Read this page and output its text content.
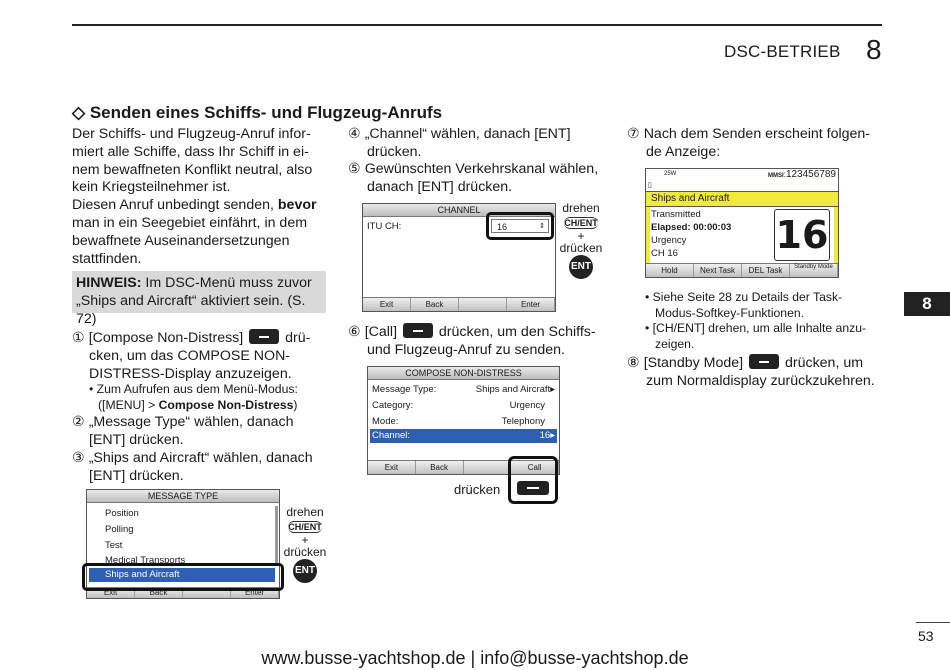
DSC-BETRIEB 8
◇ Senden eines Schiffs- und Flugzeug-Anrufs
Der Schiffs- und Flugzeug-Anruf infor-
miert alle Schiffe, dass Ihr Schiff in ei-
nem bewaffneten Konflikt neutral, also
kein Kriegsteilnehmer ist.
Diesen Anruf unbedingt senden, bevor
man in ein Seegebiet einfährt, in dem
bewaffnete Auseinandersetzungen
stattfinden.
HINWEIS: Im DSC-Menü muss zuvor
„Ships and Aircraft“ aktiviert sein. (S. 72)
① [Compose Non-Distress]	drü-
cken, um das COMPOSE NON-
DISTRESS-Display anzuzeigen.
• Zum Aufrufen aus dem Menü-Modus:
([MENU] > Compose Non-Distress)
② „Message Type“ wählen, danach
[ENT] drücken.
③ „Ships and Aircraft“ wählen, danach
[ENT] drücken.
MESSAGE TYPE
Position
Polling
Test
Medical Transports
Ships and Aircraft
Exit	Back	Enter
drehen
CH/ENT
+
drücken
ENT
④ „Channel“ wählen, danach [ENT]
drücken.
⑤ Gewünschten Verkehrskanal wählen,
danach [ENT] drücken.
CHANNEL
ITU CH:	16	⇕
Exit	Back	Enter
drehen
CH/ENT
+
drücken
ENT
⑥ [Call]	drücken, um den Schiffs-
und Flugzeug-Anruf zu senden.
COMPOSE NON-DISTRESS
Message Type:	Ships and Aircraft▸
Category:	Urgency
Mode:	Telephony
Channel:	16▸
Exit	Back	Call
drücken
⑦ Nach dem Senden erscheint folgen-
de Anzeige:
25W	MMSI:123456789
▯
Ships and Aircraft
Transmitted
Elapsed: 00:00:03
Urgency
CH 16	16
Hold	Next Task	DEL Task	Standby Mode
• Siehe Seite 28 zu Details der Task-
Modus-Softkey-Funktionen.
• [CH/ENT] drehen, um alle Inhalte anzu-
zeigen.
⑧ [Standby Mode]	drücken, um
zum Normaldisplay zurückzukehren.
8
53
www.busse-yachtshop.de | info@busse-yachtshop.de
